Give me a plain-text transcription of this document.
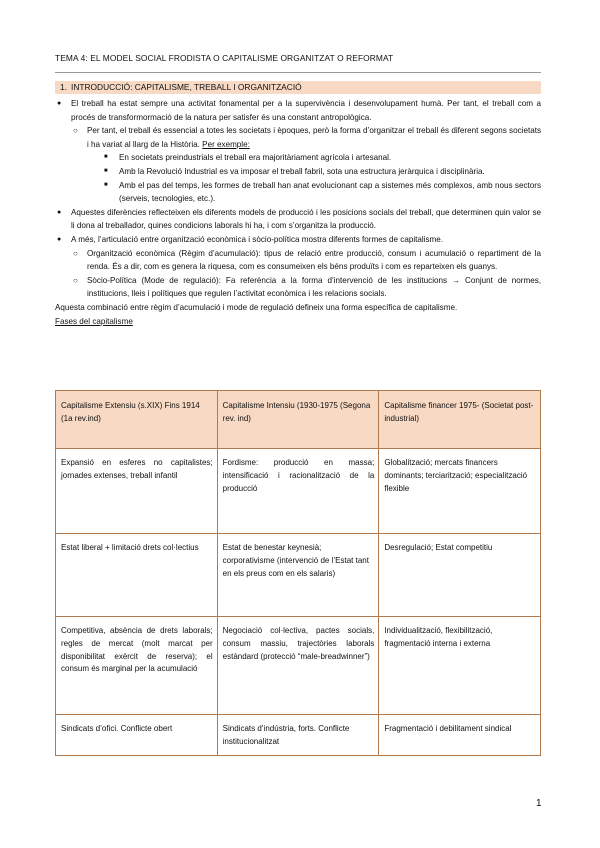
TEMA 4: EL MODEL SOCIAL FRODISTA O CAPITALISME ORGANITZAT O REFORMAT
1. INTRODUCCIÓ: CAPITALISME, TREBALL I ORGANITZACIÓ
● El treball ha estat sempre una activitat fonamental per a la supervivència i desenvolupament humà. Per tant, el treball com a procés de transformormació de la natura per satisfer és una constant antropològica.
○ Per tant, el treball és essencial a totes les societats i èpoques, però la forma d’organitzar el treball és diferent segons societats i ha variat al llarg de la Història. Per exemple:
■ En societats preindustrials el treball era majoritàriament agrícola i artesanal.
■ Amb la Revolució Industrial es va imposar el treball fabril, sota una estructura jeràrquica i disciplinària.
■ Amb el pas del temps, les formes de treball han anat evolucionant cap a sistemes més complexos, amb nous sectors (serveis, tecnologies, etc.).
● Aquestes diferències reflecteixen els diferents models de producció i les posicions socials del treball, que determinen quin valor se li dona al treballador, quines condicions laborals hi ha, i com s’organitza la producció.
● A més, l’articulació entre organització econòmica i sòcio-política mostra diferents formes de capitalisme.
○ Organització econòmica (Règim d’acumulació): tipus de relació entre producció, consum i acumulació o repartiment de la renda. És a dir, com es genera la riquesa, com es consumeixen els béns produïts i com es reparteixen els guanys.
○ Sòcio-Política (Mode de regulació): Fa referència a la forma d’intervenció de les institucions → Conjunt de normes, institucions, lleis i polítiques que regulen l’activitat econòmica i les relacions socials.
Aquesta combinació entre règim d’acumulació i mode de regulació defineix una forma específica de capitalisme.
Fases del capitalisme
Capitalisme Extensiu (s.XIX) Fins 1914 (1a rev.ind)	Capitalisme Intensiu (1930-1975 (Segona rev. ind)	Capitalisme financer 1975- (Societat post-industrial)
Expansió en esferes no capitalistes; jornades extenses, treball infantil	Fordisme: producció en massa; intensificació i racionalització de la producció	Globalització; mercats financers dominants; terciarització; especialització flexible
Estat liberal + limitació drets col·lectius	Estat de benestar keynesià; corporativisme (intervenció de l’Estat tant en els preus com en els salaris)	Desregulació; Estat competitiu
Competitiva, absència de drets laborals; regles de mercat (molt marcat per disponibilitat exèrcit de reserva); el consum és marginal per la acumulació	Negociació col·lectiva, pactes socials, consum massiu, trajectòries laborals estàndard (protecció “male-breadwinner”)	Individualització, flexibilització, fragmentació interna i externa
Sindicats d’ofici. Conflicte obert	Sindicats d’indústria, forts. Conflicte institucionalitzat	Fragmentació i debilitament sindical
1
